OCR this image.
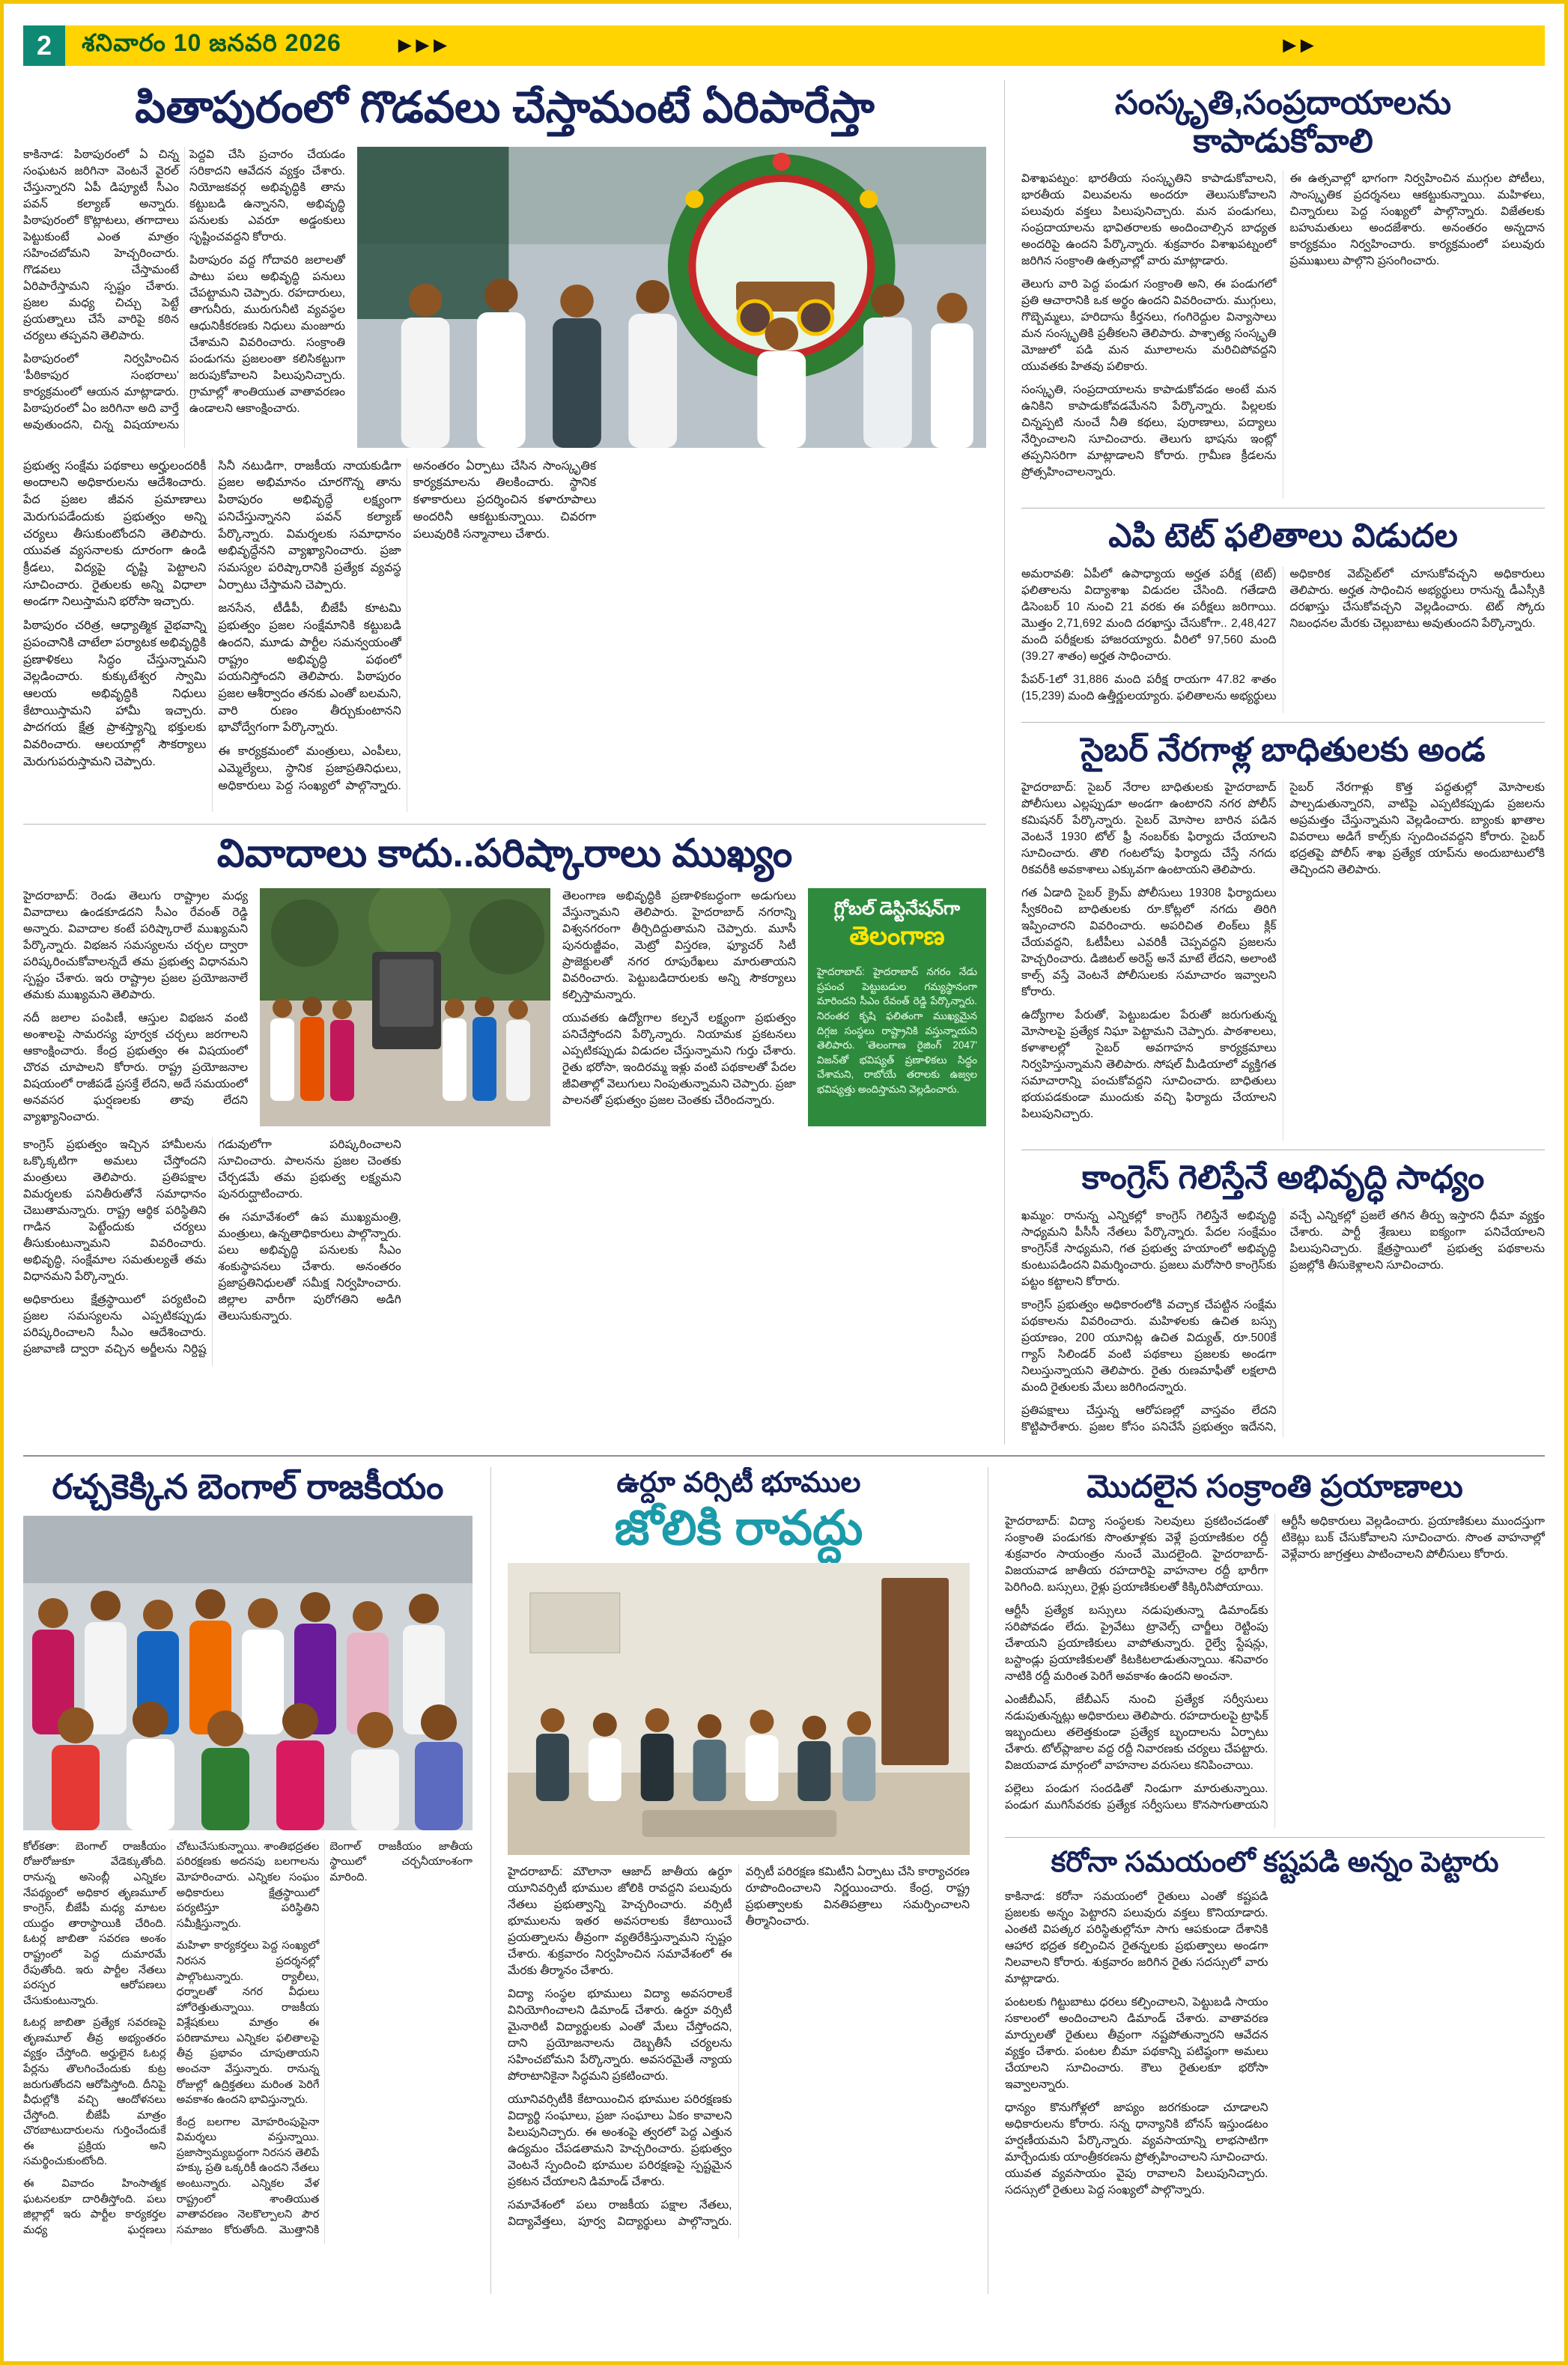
2	శనివారం 10 జనవరి 2026 ►►►	►►
పితాపురంలో గొడవలు చేస్తామంటే ఏరిపారేస్తా

కాకినాడ: పిఠాపురంలో ఏ చిన్న సంఘటన జరిగినా వెంటనే వైరల్ చేస్తున్నారని ఏపీ డిప్యూటీ సీఎం పవన్ కల్యాణ్ అన్నారు. పిఠాపురంలో కొట్లాటలు, తగాదాలు పెట్టుకుంటే ఎంత మాత్రం సహించబోమని హెచ్చరించారు. గొడవలు చేస్తామంటే ఏరిపారేస్తామని స్పష్టం చేశారు. ప్రజల మధ్య చిచ్చు పెట్టే ప్రయత్నాలు చేసే వారిపై కఠిన చర్యలు తప్పవని తెలిపారు.

పిఠాపురంలో నిర్వహించిన 'పీఠికాపుర సంభరాలు' కార్యక్రమంలో ఆయన మాట్లాడారు. పిఠాపురంలో ఏం జరిగినా అది వార్తే అవుతుందని, చిన్న విషయాలను పెద్దవి చేసి ప్రచారం చేయడం సరికాదని ఆవేదన వ్యక్తం చేశారు. నియోజకవర్గ అభివృద్ధికి తాను కట్టుబడి ఉన్నానని, అభివృద్ధి పనులకు ఎవరూ అడ్డంకులు సృష్టించవద్దని కోరారు.

పిఠాపురం వద్ద గోదావరి జలాలతో పాటు పలు అభివృద్ధి పనులు చేపట్టామని చెప్పారు. రహదారులు, తాగునీరు, మురుగునీటి వ్యవస్థల ఆధునికీకరణకు నిధులు మంజూరు చేశామని వివరించారు. సంక్రాంతి పండుగను ప్రజలంతా కలిసికట్టుగా జరుపుకోవాలని పిలుపునిచ్చారు. గ్రామాల్లో శాంతియుత వాతావరణం ఉండాలని ఆకాంక్షించారు.

ప్రభుత్వ సంక్షేమ పథకాలు అర్హులందరికీ అందాలని అధికారులను ఆదేశించారు. పేద ప్రజల జీవన ప్రమాణాలు మెరుగుపడేందుకు ప్రభుత్వం అన్ని చర్యలు తీసుకుంటోందని తెలిపారు. యువత వ్యసనాలకు దూరంగా ఉండి క్రీడలు, విద్యపై దృష్టి పెట్టాలని సూచించారు. రైతులకు అన్ని విధాలా అండగా నిలుస్తామని భరోసా ఇచ్చారు.

పిఠాపురం చరిత్ర, ఆధ్యాత్మిక వైభవాన్ని ప్రపంచానికి చాటేలా పర్యాటక అభివృద్ధికి ప్రణాళికలు సిద్ధం చేస్తున్నామని వెల్లడించారు. కుక్కుటేశ్వర స్వామి ఆలయ అభివృద్ధికి నిధులు కేటాయిస్తామని హామీ ఇచ్చారు. పాదగయ క్షేత్ర ప్రాశస్త్యాన్ని భక్తులకు వివరించారు. ఆలయాల్లో సౌకర్యాలు మెరుగుపరుస్తామని చెప్పారు.

సినీ నటుడిగా, రాజకీయ నాయకుడిగా ప్రజల అభిమానం చూరగొన్న తాను పిఠాపురం అభివృద్ధే లక్ష్యంగా పనిచేస్తున్నానని పవన్ కల్యాణ్ పేర్కొన్నారు. విమర్శలకు సమాధానం అభివృద్ధేనని వ్యాఖ్యానించారు. ప్రజా సమస్యల పరిష్కారానికి ప్రత్యేక వ్యవస్థ ఏర్పాటు చేస్తామని చెప్పారు.

జనసేన, టీడీపీ, బీజేపీ కూటమి ప్రభుత్వం ప్రజల సంక్షేమానికి కట్టుబడి ఉందని, మూడు పార్టీల సమన్వయంతో రాష్ట్రం అభివృద్ధి పథంలో పయనిస్తోందని తెలిపారు. పిఠాపురం ప్రజల ఆశీర్వాదం తనకు ఎంతో బలమని, వారి రుణం తీర్చుకుంటానని భావోద్వేగంగా పేర్కొన్నారు.

ఈ కార్యక్రమంలో మంత్రులు, ఎంపీలు, ఎమ్మెల్యేలు, స్థానిక ప్రజాప్రతినిధులు, అధికారులు పెద్ద సంఖ్యలో పాల్గొన్నారు. అనంతరం ఏర్పాటు చేసిన సాంస్కృతిక కార్యక్రమాలను తిలకించారు. స్థానిక కళాకారులు ప్రదర్శించిన కళారూపాలు అందరినీ ఆకట్టుకున్నాయి. చివరగా పలువురికి సన్మానాలు చేశారు.

వివాదాలు కాదు..పరిష్కారాలు ముఖ్యం

హైదరాబాద్: రెండు తెలుగు రాష్ట్రాల మధ్య వివాదాలు ఉండకూడదని సీఎం రేవంత్ రెడ్డి అన్నారు. వివాదాల కంటే పరిష్కారాలే ముఖ్యమని పేర్కొన్నారు. విభజన సమస్యలను చర్చల ద్వారా పరిష్కరించుకోవాలన్నదే తమ ప్రభుత్వ విధానమని స్పష్టం చేశారు. ఇరు రాష్ట్రాల ప్రజల ప్రయోజనాలే తమకు ముఖ్యమని తెలిపారు.

నదీ జలాల పంపిణీ, ఆస్తుల విభజన వంటి అంశాలపై సామరస్య పూర్వక చర్చలు జరగాలని ఆకాంక్షించారు. కేంద్ర ప్రభుత్వం ఈ విషయంలో చొరవ చూపాలని కోరారు. రాష్ట్ర ప్రయోజనాల విషయంలో రాజీపడే ప్రసక్తే లేదని, అదే సమయంలో అనవసర ఘర్షణలకు తావు లేదని వ్యాఖ్యానించారు.

తెలంగాణ అభివృద్ధికి ప్రణాళికబద్ధంగా అడుగులు వేస్తున్నామని తెలిపారు. హైదరాబాద్ నగరాన్ని విశ్వనగరంగా తీర్చిదిద్దుతామని చెప్పారు. మూసీ పునరుజ్జీవం, మెట్రో విస్తరణ, ఫ్యూచర్ సిటీ ప్రాజెక్టులతో నగర రూపురేఖలు మారుతాయని వివరించారు. పెట్టుబడిదారులకు అన్ని సౌకర్యాలు కల్పిస్తామన్నారు.

యువతకు ఉద్యోగాల కల్పనే లక్ష్యంగా ప్రభుత్వం పనిచేస్తోందని పేర్కొన్నారు. నియామక ప్రకటనలు ఎప్పటికప్పుడు విడుదల చేస్తున్నామని గుర్తు చేశారు. రైతు భరోసా, ఇందిరమ్మ ఇళ్లు వంటి పథకాలతో పేదల జీవితాల్లో వెలుగులు నింపుతున్నామని చెప్పారు. ప్రజా పాలనతో ప్రభుత్వం ప్రజల చెంతకు చేరిందన్నారు.

గ్లోబల్ డెస్టినేషన్‌గా
తెలంగాణ
హైదరాబాద్: హైదరాబాద్ నగరం నేడు ప్రపంచ పెట్టుబడుల గమ్యస్థానంగా మారిందని సీఎం రేవంత్ రెడ్డి పేర్కొన్నారు. నిరంతర కృషి ఫలితంగా ముఖ్యమైన దిగ్గజ సంస్థలు రాష్ట్రానికి వస్తున్నాయని తెలిపారు. 'తెలంగాణ రైజింగ్ 2047' విజన్‌తో భవిష్యత్ ప్రణాళికలు సిద్ధం చేశామని, రాబోయే తరాలకు ఉజ్వల భవిష్యత్తు అందిస్తామని వెల్లడించారు.

కాంగ్రెస్ ప్రభుత్వం ఇచ్చిన హామీలను ఒక్కొక్కటిగా అమలు చేస్తోందని మంత్రులు తెలిపారు. ప్రతిపక్షాల విమర్శలకు పనితీరుతోనే సమాధానం చెబుతామన్నారు. రాష్ట్ర ఆర్థిక పరిస్థితిని గాడిన పెట్టేందుకు చర్యలు తీసుకుంటున్నామని వివరించారు. అభివృద్ధి, సంక్షేమాల సమతుల్యతే తమ విధానమని పేర్కొన్నారు.

అధికారులు క్షేత్రస్థాయిలో పర్యటించి ప్రజల సమస్యలను ఎప్పటికప్పుడు పరిష్కరించాలని సీఎం ఆదేశించారు. ప్రజావాణి ద్వారా వచ్చిన అర్జీలను నిర్దిష్ట గడువులోగా పరిష్కరించాలని సూచించారు. పాలనను ప్రజల చెంతకు చేర్చడమే తమ ప్రభుత్వ లక్ష్యమని పునరుద్ఘాటించారు.

ఈ సమావేశంలో ఉప ముఖ్యమంత్రి, మంత్రులు, ఉన్నతాధికారులు పాల్గొన్నారు. పలు అభివృద్ధి పనులకు సీఎం శంకుస్థాపనలు చేశారు. అనంతరం ప్రజాప్రతినిధులతో సమీక్ష నిర్వహించారు. జిల్లాల వారీగా పురోగతిని అడిగి తెలుసుకున్నారు.

సంస్కృతి,సంప్రదాయాలను కాపాడుకోవాలి

విశాఖపట్నం: భారతీయ సంస్కృతిని కాపాడుకోవాలని, భారతీయ విలువలను అందరూ తెలుసుకోవాలని పలువురు వక్తలు పిలుపునిచ్చారు. మన పండుగలు, సంప్రదాయాలను భావితరాలకు అందించాల్సిన బాధ్యత అందరిపై ఉందని పేర్కొన్నారు. శుక్రవారం విశాఖపట్నంలో జరిగిన సంక్రాంతి ఉత్సవాల్లో వారు మాట్లాడారు.

తెలుగు వారి పెద్ద పండుగ సంక్రాంతి అని, ఈ పండుగలో ప్రతి ఆచారానికి ఒక అర్థం ఉందని వివరించారు. ముగ్గులు, గొబ్బెమ్మలు, హరిదాసు కీర్తనలు, గంగిరెద్దుల విన్యాసాలు మన సంస్కృతికి ప్రతీకలని తెలిపారు. పాశ్చాత్య సంస్కృతి మోజులో పడి మన మూలాలను మరిచిపోవద్దని యువతకు హితవు పలికారు.

సంస్కృతి, సంప్రదాయాలను కాపాడుకోవడం అంటే మన ఉనికిని కాపాడుకోవడమేనని పేర్కొన్నారు. పిల్లలకు చిన్నప్పటి నుంచే నీతి కథలు, పురాణాలు, పద్యాలు నేర్పించాలని సూచించారు. తెలుగు భాషను ఇంట్లో తప్పనిసరిగా మాట్లాడాలని కోరారు. గ్రామీణ క్రీడలను ప్రోత్సహించాలన్నారు.

ఈ ఉత్సవాల్లో భాగంగా నిర్వహించిన ముగ్గుల పోటీలు, సాంస్కృతిక ప్రదర్శనలు ఆకట్టుకున్నాయి. మహిళలు, చిన్నారులు పెద్ద సంఖ్యలో పాల్గొన్నారు. విజేతలకు బహుమతులు అందజేశారు. అనంతరం అన్నదాన కార్యక్రమం నిర్వహించారు. కార్యక్రమంలో పలువురు ప్రముఖులు పాల్గొని ప్రసంగించారు.

ఎపి టెట్ ఫలితాలు విడుదల

అమరావతి: ఏపీలో ఉపాధ్యాయ అర్హత పరీక్ష (టెట్) ఫలితాలను విద్యాశాఖ విడుదల చేసింది. గతేడాది డిసెంబర్ 10 నుంచి 21 వరకు ఈ పరీక్షలు జరిగాయి. మొత్తం 2,71,692 మంది దరఖాస్తు చేసుకోగా.. 2,48,427 మంది పరీక్షలకు హాజరయ్యారు. వీరిలో 97,560 మంది (39.27 శాతం) అర్హత సాధించారు.

పేపర్-1లో 31,886 మంది పరీక్ష రాయగా 47.82 శాతం (15,239) మంది ఉత్తీర్ణులయ్యారు. ఫలితాలను అభ్యర్థులు అధికారిక వెబ్‌సైట్‌లో చూసుకోవచ్చని అధికారులు తెలిపారు. అర్హత సాధించిన అభ్యర్థులు రానున్న డీఎస్సీకి దరఖాస్తు చేసుకోవచ్చని వెల్లడించారు. టెట్ స్కోరు నిబంధనల మేరకు చెల్లుబాటు అవుతుందని పేర్కొన్నారు.

సైబర్ నేరగాళ్ల బాధితులకు అండ

హైదరాబాద్: సైబర్ నేరాల బాధితులకు హైదరాబాద్ పోలీసులు ఎల్లప్పుడూ అండగా ఉంటారని నగర పోలీస్ కమిషనర్ పేర్కొన్నారు. సైబర్ మోసాల బారిన పడిన వెంటనే 1930 టోల్ ఫ్రీ నంబర్‌కు ఫిర్యాదు చేయాలని సూచించారు. తొలి గంటలోపు ఫిర్యాదు చేస్తే నగదు రికవరీకి అవకాశాలు ఎక్కువగా ఉంటాయని తెలిపారు.

గత ఏడాది సైబర్ క్రైమ్ పోలీసులు 19308 ఫిర్యాదులు స్వీకరించి బాధితులకు రూ.కోట్లలో నగదు తిరిగి ఇప్పించారని వివరించారు. అపరిచిత లింక్‌లు క్లిక్ చేయవద్దని, ఓటీపీలు ఎవరికీ చెప్పవద్దని ప్రజలను హెచ్చరించారు. డిజిటల్ అరెస్ట్ అనే మాటే లేదని, అలాంటి కాల్స్ వస్తే వెంటనే పోలీసులకు సమాచారం ఇవ్వాలని కోరారు.

ఉద్యోగాల పేరుతో, పెట్టుబడుల పేరుతో జరుగుతున్న మోసాలపై ప్రత్యేక నిఘా పెట్టామని చెప్పారు. పాఠశాలలు, కళాశాలల్లో సైబర్ అవగాహన కార్యక్రమాలు నిర్వహిస్తున్నామని తెలిపారు. సోషల్ మీడియాలో వ్యక్తిగత సమాచారాన్ని పంచుకోవద్దని సూచించారు. బాధితులు భయపడకుండా ముందుకు వచ్చి ఫిర్యాదు చేయాలని పిలుపునిచ్చారు.

సైబర్ నేరగాళ్లు కొత్త పద్ధతుల్లో మోసాలకు పాల్పడుతున్నారని, వాటిపై ఎప్పటికప్పుడు ప్రజలను అప్రమత్తం చేస్తున్నామని వెల్లడించారు. బ్యాంకు ఖాతాల వివరాలు అడిగే కాల్స్‌కు స్పందించవద్దని కోరారు. సైబర్ భద్రతపై పోలీస్ శాఖ ప్రత్యేక యాప్‌ను అందుబాటులోకి తెచ్చిందని తెలిపారు.

కాంగ్రెస్ గెలిస్తేనే అభివృద్ధి సాధ్యం

ఖమ్మం: రానున్న ఎన్నికల్లో కాంగ్రెస్ గెలిస్తేనే అభివృద్ధి సాధ్యమని పీసీసీ నేతలు పేర్కొన్నారు. పేదల సంక్షేమం కాంగ్రెస్‌కే సాధ్యమని, గత ప్రభుత్వ హయాంలో అభివృద్ధి కుంటుపడిందని విమర్శించారు. ప్రజలు మరోసారి కాంగ్రెస్‌కు పట్టం కట్టాలని కోరారు.

కాంగ్రెస్ ప్రభుత్వం అధికారంలోకి వచ్చాక చేపట్టిన సంక్షేమ పథకాలను వివరించారు. మహిళలకు ఉచిత బస్సు ప్రయాణం, 200 యూనిట్ల ఉచిత విద్యుత్, రూ.500కే గ్యాస్ సిలిండర్ వంటి పథకాలు ప్రజలకు అండగా నిలుస్తున్నాయని తెలిపారు. రైతు రుణమాఫీతో లక్షలాది మంది రైతులకు మేలు జరిగిందన్నారు.

ప్రతిపక్షాలు చేస్తున్న ఆరోపణల్లో వాస్తవం లేదని కొట్టిపారేశారు. ప్రజల కోసం పనిచేసే ప్రభుత్వం ఇదేనని, వచ్చే ఎన్నికల్లో ప్రజలే తగిన తీర్పు ఇస్తారని ధీమా వ్యక్తం చేశారు. పార్టీ శ్రేణులు ఐక్యంగా పనిచేయాలని పిలుపునిచ్చారు. క్షేత్రస్థాయిలో ప్రభుత్వ పథకాలను ప్రజల్లోకి తీసుకెళ్లాలని సూచించారు.

రచ్చకెక్కిన బెంగాల్ రాజకీయం

కోల్‌కతా: బెంగాల్ రాజకీయం రోజురోజుకూ వేడెక్కుతోంది. రానున్న అసెంబ్లీ ఎన్నికల నేపథ్యంలో అధికార తృణమూల్ కాంగ్రెస్, బీజేపీ మధ్య మాటల యుద్ధం తారాస్థాయికి చేరింది. ఓటర్ల జాబితా సవరణ అంశం రాష్ట్రంలో పెద్ద దుమారమే రేపుతోంది. ఇరు పార్టీల నేతలు పరస్పర ఆరోపణలు చేసుకుంటున్నారు.

ఓటర్ల జాబితా ప్రత్యేక సవరణపై తృణమూల్ తీవ్ర అభ్యంతరం వ్యక్తం చేస్తోంది. అర్హులైన ఓటర్ల పేర్లను తొలగించేందుకు కుట్ర జరుగుతోందని ఆరోపిస్తోంది. దీనిపై వీధుల్లోకి వచ్చి ఆందోళనలు చేస్తోంది. బీజేపీ మాత్రం చొరబాటుదారులను గుర్తించేందుకే ఈ ప్రక్రియ అని సమర్థించుకుంటోంది.

ఈ వివాదం హింసాత్మక ఘటనలకూ దారితీస్తోంది. పలు జిల్లాల్లో ఇరు పార్టీల కార్యకర్తల మధ్య ఘర్షణలు చోటుచేసుకున్నాయి. శాంతిభద్రతల పరిరక్షణకు అదనపు బలగాలను మోహరించారు. ఎన్నికల సంఘం అధికారులు క్షేత్రస్థాయిలో పర్యటిస్తూ పరిస్థితిని సమీక్షిస్తున్నారు.

మహిళా కార్యకర్తలు పెద్ద సంఖ్యలో నిరసన ప్రదర్శనల్లో పాల్గొంటున్నారు. ర్యాలీలు, ధర్నాలతో నగర వీధులు హోరెత్తుతున్నాయి. రాజకీయ విశ్లేషకులు మాత్రం ఈ పరిణామాలు ఎన్నికల ఫలితాలపై తీవ్ర ప్రభావం చూపుతాయని అంచనా వేస్తున్నారు. రానున్న రోజుల్లో ఉద్రిక్తతలు మరింత పెరిగే అవకాశం ఉందని భావిస్తున్నారు.

కేంద్ర బలగాల మోహరింపుపైనా విమర్శలు వస్తున్నాయి. ప్రజాస్వామ్యబద్ధంగా నిరసన తెలిపే హక్కు ప్రతి ఒక్కరికీ ఉందని నేతలు అంటున్నారు. ఎన్నికల వేళ రాష్ట్రంలో శాంతియుత వాతావరణం నెలకొల్పాలని పౌర సమాజం కోరుతోంది. మొత్తానికి బెంగాల్ రాజకీయం జాతీయ స్థాయిలో చర్చనీయాంశంగా మారింది.

ఉర్దూ వర్సిటీ భూముల
జోలికి రావద్దు

హైదరాబాద్: మౌలానా ఆజాద్ జాతీయ ఉర్దూ యూనివర్సిటీ భూముల జోలికి రావద్దని పలువురు నేతలు ప్రభుత్వాన్ని హెచ్చరించారు. వర్సిటీ భూములను ఇతర అవసరాలకు కేటాయించే ప్రయత్నాలను తీవ్రంగా వ్యతిరేకిస్తున్నామని స్పష్టం చేశారు. శుక్రవారం నిర్వహించిన సమావేశంలో ఈ మేరకు తీర్మానం చేశారు.

విద్యా సంస్థల భూములు విద్యా అవసరాలకే వినియోగించాలని డిమాండ్ చేశారు. ఉర్దూ వర్సిటీ మైనారిటీ విద్యార్థులకు ఎంతో మేలు చేస్తోందని, దాని ప్రయోజనాలను దెబ్బతీసే చర్యలను సహించబోమని పేర్కొన్నారు. అవసరమైతే న్యాయ పోరాటానికైనా సిద్ధమని ప్రకటించారు.

యూనివర్సిటీకి కేటాయించిన భూముల పరిరక్షణకు విద్యార్థి సంఘాలు, ప్రజా సంఘాలు ఏకం కావాలని పిలుపునిచ్చారు. ఈ అంశంపై త్వరలో పెద్ద ఎత్తున ఉద్యమం చేపడతామని హెచ్చరించారు. ప్రభుత్వం వెంటనే స్పందించి భూముల పరిరక్షణపై స్పష్టమైన ప్రకటన చేయాలని డిమాండ్ చేశారు.

సమావేశంలో పలు రాజకీయ పక్షాల నేతలు, విద్యావేత్తలు, పూర్వ విద్యార్థులు పాల్గొన్నారు. వర్సిటీ పరిరక్షణ కమిటీని ఏర్పాటు చేసి కార్యాచరణ రూపొందించాలని నిర్ణయించారు. కేంద్ర, రాష్ట్ర ప్రభుత్వాలకు వినతిపత్రాలు సమర్పించాలని తీర్మానించారు.

మొదలైన సంక్రాంతి ప్రయాణాలు

హైదరాబాద్: విద్యా సంస్థలకు సెలవులు ప్రకటించడంతో సంక్రాంతి పండుగకు సొంతూళ్లకు వెళ్లే ప్రయాణికుల రద్దీ శుక్రవారం సాయంత్రం నుంచే మొదలైంది. హైదరాబాద్-విజయవాడ జాతీయ రహదారిపై వాహనాల రద్దీ భారీగా పెరిగింది. బస్సులు, రైళ్లు ప్రయాణికులతో కిక్కిరిసిపోయాయి.

ఆర్టీసీ ప్రత్యేక బస్సులు నడుపుతున్నా డిమాండ్‌కు సరిపోవడం లేదు. ప్రైవేటు ట్రావెల్స్ చార్జీలు రెట్టింపు చేశాయని ప్రయాణికులు వాపోతున్నారు. రైల్వే స్టేషన్లు, బస్టాండ్లు ప్రయాణికులతో కిటకిటలాడుతున్నాయి. శనివారం నాటికి రద్దీ మరింత పెరిగే అవకాశం ఉందని అంచనా.

ఎంజీబీఎస్, జేబీఎస్ నుంచి ప్రత్యేక సర్వీసులు నడుపుతున్నట్లు అధికారులు తెలిపారు. రహదారులపై ట్రాఫిక్ ఇబ్బందులు తలెత్తకుండా ప్రత్యేక బృందాలను ఏర్పాటు చేశారు. టోల్‌ప్లాజాల వద్ద రద్దీ నివారణకు చర్యలు చేపట్టారు. విజయవాడ మార్గంలో వాహనాల వరుసలు కనిపించాయి.

పల్లెలు పండుగ సందడితో నిండుగా మారుతున్నాయి. పండుగ ముగిసేవరకు ప్రత్యేక సర్వీసులు కొనసాగుతాయని ఆర్టీసీ అధికారులు వెల్లడించారు. ప్రయాణికులు ముందస్తుగా టికెట్లు బుక్ చేసుకోవాలని సూచించారు. సొంత వాహనాల్లో వెళ్లేవారు జాగ్రత్తలు పాటించాలని పోలీసులు కోరారు.

కరోనా సమయంలో కష్టపడి అన్నం పెట్టారు

కాకినాడ: కరోనా సమయంలో రైతులు ఎంతో కష్టపడి ప్రజలకు అన్నం పెట్టారని పలువురు వక్తలు కొనియాడారు. ఎంతటి విపత్కర పరిస్థితుల్లోనూ సాగు ఆపకుండా దేశానికి ఆహార భద్రత కల్పించిన రైతన్నలకు ప్రభుత్వాలు అండగా నిలవాలని కోరారు. శుక్రవారం జరిగిన రైతు సదస్సులో వారు మాట్లాడారు.

పంటలకు గిట్టుబాటు ధరలు కల్పించాలని, పెట్టుబడి సాయం సకాలంలో అందించాలని డిమాండ్ చేశారు. వాతావరణ మార్పులతో రైతులు తీవ్రంగా నష్టపోతున్నారని ఆవేదన వ్యక్తం చేశారు. పంటల బీమా పథకాన్ని పటిష్ఠంగా అమలు చేయాలని సూచించారు. కౌలు రైతులకూ భరోసా ఇవ్వాలన్నారు.

ధాన్యం కొనుగోళ్లలో జాప్యం జరగకుండా చూడాలని అధికారులను కోరారు. సన్న ధాన్యానికి బోనస్ ఇస్తుండటం హర్షణీయమని పేర్కొన్నారు. వ్యవసాయాన్ని లాభసాటిగా మార్చేందుకు యాంత్రీకరణను ప్రోత్సహించాలని సూచించారు. యువత వ్యవసాయం వైపు రావాలని పిలుపునిచ్చారు. సదస్సులో రైతులు పెద్ద సంఖ్యలో పాల్గొన్నారు.
